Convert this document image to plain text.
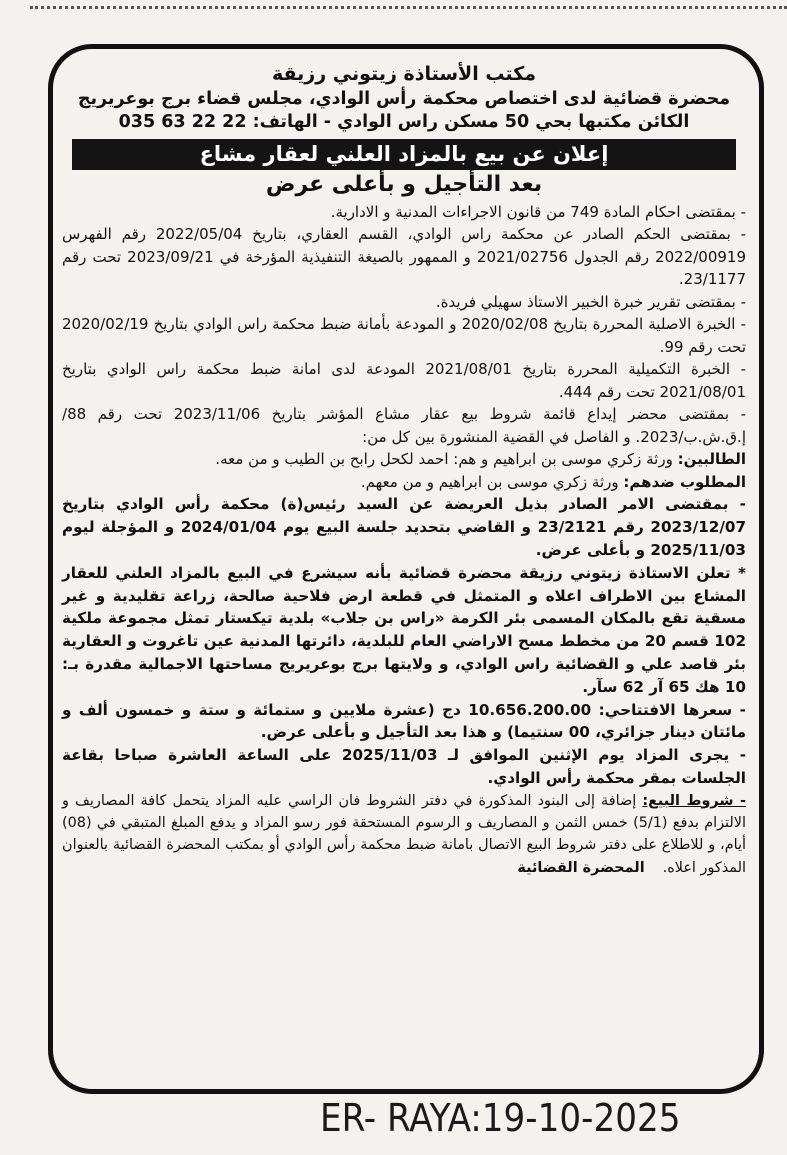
مكتب الأستاذة زيتوني رزيقة
محضرة قضائية لدى اختصاص محكمة رأس الوادي، مجلس قضاء برج بوعريريج
الكائن مكتبها بحي 50 مسكن راس الوادي - الهاتف: 22 22 63 035
إعلان عن بيع بالمزاد العلني لعقار مشاع
بعد التأجيل و بأعلى عرض

- بمقتضى احكام المادة 749 من قانون الاجراءات المدنية و الادارية.

- بمقتضى الحكم الصادر عن محكمة راس الوادي، القسم العقاري، بتاريخ 2022/05/04 رقم الفهرس 2022/00919 رقم الجدول 2021/02756 و الممهور بالصيغة التنفيذية المؤرخة في 2023/09/21 تحت رقم 23/1177.

- بمقتضى تقرير خبرة الخبير الاستاذ سهيلي فريدة.

- الخبرة الاصلية المحررة بتاريخ 2020/02/08 و المودعة بأمانة ضبط محكمة راس الوادي بتاريخ 2020/02/19 تحت رقم 99.

- الخبرة التكميلية المحررة بتاريخ 2021/08/01 المودعة لدى امانة ضبط محكمة راس الوادي بتاريخ 2021/08/01 تحت رقم 444.

- بمقتضى محضر إيداع قائمة شروط بيع عقار مشاع المؤشر بتاريخ 2023/11/06 تحت رقم 88/إ.ق.ش.ب/2023. و الفاصل في القضية المنشورة بين كل من:

الطالبين: ورثة زكري موسى بن ابراهيم و هم: احمد لكحل رابح بن الطيب و من معه.

المطلوب ضدهم: ورثة زكري موسى بن ابراهيم و من معهم.

- بمقتضى الامر الصادر بذيل العريضة عن السيد رئيس(ة) محكمة رأس الوادي بتاريخ 2023/12/07 رقم 23/2121 و القاضي بتحديد جلسة البيع يوم 2024/01/04 و المؤجلة ليوم 2025/11/03 و بأعلى عرض.

* تعلن الاستاذة زيتوني رزيقة محضرة قضائية بأنه سيشرع في البيع بالمزاد العلني للعقار المشاع بين الاطراف اعلاه و المتمثل في قطعة ارض فلاحية صالحة، زراعة تقليدية و غير مسقية تقع بالمكان المسمى بئر الكرمة «راس بن جلاب» بلدية تيكستار تمثل مجموعة ملكية 102 قسم 20 من مخطط مسح الاراضي العام للبلدية، دائرتها المدنية عين تاغروت و العقارية بئر قاصد علي و القضائية راس الوادي، و ولايتها برج بوعريريج مساحتها الاجمالية مقدرة بـ: 10 هك 65 آر 62 سآر.

- سعرها الافتتاحي: 10.656.200.00 دج (عشرة ملايين و ستمائة و ستة و خمسون ألف و مائتان دينار جزائري، 00 سنتيما) و هذا بعد التأجيل و بأعلى عرض.

- يجرى المزاد يوم الإثنين الموافق لـ 2025/11/03 على الساعة العاشرة صباحا بقاعة الجلسات بمقر محكمة رأس الوادي.

- شروط البيع: إضافة إلى البنود المذكورة في دفتر الشروط فان الراسي عليه المزاد يتحمل كافة المصاريف و الالتزام بدفع (5/1) خمس الثمن و المصاريف و الرسوم المستحقة فور رسو المزاد و يدفع المبلغ المتبقي في (08) أيام، و للاطلاع على دفتر شروط البيع الاتصال بامانة ضبط محكمة رأس الوادي أو بمكتب المحضرة القضائية بالعنوان المذكور اعلاه.المحضرة القضائية

ER- RAYA:19-10-2025
